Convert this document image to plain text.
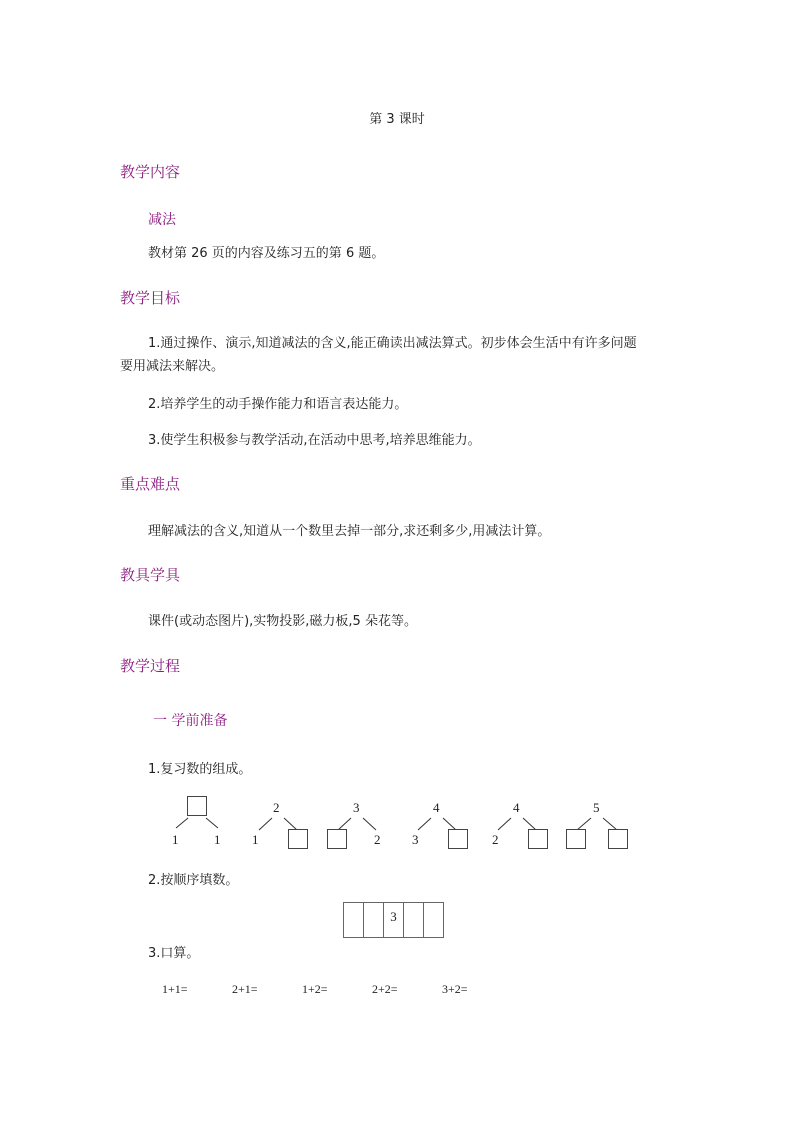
第 3 课时
教学内容
减法
教材第 26 页的内容及练习五的第 6 题。
教学目标
1.通过操作、演示,知道减法的含义,能正确读出减法算式。初步体会生活中有许多问题
要用减法来解决。
2.培养学生的动手操作能力和语言表达能力。
3.使学生积极参与教学活动,在活动中思考,培养思维能力。
重点难点
理解减法的含义,知道从一个数里去掉一部分,求还剩多少,用减法计算。
教具学具
课件(或动态图片),实物投影,磁力板,5 朵花等。
教学过程
一 学前准备
1.复习数的组成。
1	1
2
1
3
2
4
3
4
2
5
2.按顺序填数。
3
3.口算。
1+1=	2+1=	1+2=	2+2=	3+2=
